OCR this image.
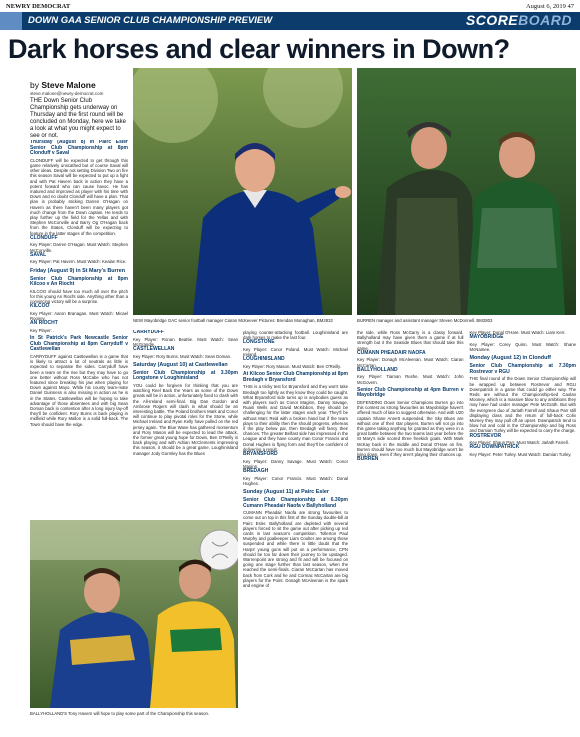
NEWRY DEMOCRAT	August 6, 2019 47
DOWN GAA SENIOR CLUB CHAMPIONSHIP PREVIEW	SCOREBOARD
Dark horses and clear winners in Down?
by Steve Malone
steve.malone@newry-democrat.com
THE Down Senior Club Championship gets underway on Thursday and the first round will be concluded on Monday, here we take a look at what you might expect to see or not.
Thursday (August 8) in Pairc Esler Senior Club Championship at 8pm Clonduff v Saval

CLONDUFF will be expected to get through this game relatively unscathed but of course Saval will other ideas. Despite not setting Division Two on fire this season Saval will be expected to put up a fight and with Pat Havern back in action they have a potent forward who can cause havoc. He has matured and improved as player with his time with Down and no doubt Clonduff will have a plan. That plan is probably sticking Darren O'Hagan on Havern as there haven't been many players got much change from the Down captain. He tends to play further up the field for the Yellas and with Stephen McConville and Barry Og O'Hagan back from the States, Clonduff will be expecting to feature in the latter stages of the competition.

CLONDUFF
Key Player: Darren O'Hagan. Must Watch: Stephen McConville.
SAVAL
Key Player: Pat Havern. Must Watch: Kealan Rice.
Friday (August 9) in St Mary's Burren
Senior Club Championship at 8pm Kilcoo v An Riocht

KILCOO should have too much all over the pitch for this young An Riocht side. Anything other than a convincing victory will be a surprise.

KILCOO
Key Player: Aaron Branagan. Must Watch: Micael Rooney.
AN RIOCHT
Key Player: .
In St Patrick's Park Newcastle Senior Club Championship at 8pm Carryduff v Castlewellan

CARRYDUFF against Castlewellan is a game that is likely to attract a lot of neutrals as little is expected to separate the sides. Carryduff have been a team on the rise but they may have to go one better without Ross McCabe who has not featured since breaking his jaw when playing for Down against Mayo. While his county team-mate Daniel Guinness is also missing in action as he is in the States. Castlewellan will be hoping to take advantage of those absentees and with big Sean Doman back in contention after a long injury lay-off they'll be confident. Rory Burns is back playing in midfield while Rory Mallon is a solid full-back. The Town should have the edge.

NEW Mayobridge GAC senior football manager Ciaran McKeever Pictures: Brendan Monaghan, BM2832	BURREN manager and assistant manager Steven McDonnell. BM2803
CARRYDUFF
Key Player: Ronan Beattie. Must Watch: Sean McGrandle.
CASTLEWELLAN
Key Player: Rory Burns. Must Watch: Sean Doman.
Saturday (August 10) at Castlewellan
Senior Club Championship at 3.30pm Longstone v Loughinisland

YOU could be forgiven for thinking that you are watching Reel Back the Years as some of the Down greats will be in action, unfortunately fixed to clash with the All-Ireland semi-final. Big Dan Gordon and Ambrose Rogers will clash in what should be an interesting battle. The Poland brothers Mark and Conor will continue to play pivotal roles for the Stone, while Michael Ireland and Ryan Kelly have pulled on the red jersey again. The Blue Wave has gathered momentum and Rory Mason will be expected to lead the attack, the former great young hope for Down, Ben O'Reilly is back playing and with Adrian McClements impressing this season, it should be a great game. Loughinisland manager Jody Gormley has the Blues

playing counter-attacking football. Loughinisland are dark horses to make the last four.

LONGSTONE
Key Player: Conor Poland. Must Watch: Michael Ireland.
LOUGHINISLAND
Key Player: Rory Mason. Must Watch: Ben O'Reilly.
At Kilcoo Senior Club Championship at 8pm Bredagh v Bryansford

THIS is a tricky test for Bryansford and they won't take Bredagh too lightly as they know they could be caught. What Bryansford side turns up is anybodies guess as with players such as Conor Maginn, Danny Savage, Ruairi Wells and David McKibbon, they should be challenging for the latter stages each year. They'll be without Marc Reid with a broken hand but if the team plays to their ability then the should progress, whereas if the play below par, then Bredagh will fancy their chances. The greater Belfast side has impressed in the League and they have county man Conor Francis and Donal Hughes is flying form and they'll be confident of delivering a result.

BRYANSFORD
Key Player: Danny Savage. Must Watch: Conor Maginn.
BREDAGH
Key Player: Conor Francis. Must Watch: Donal Hughes.
Sunday (August 11) at Pairc Esler
Senior Club Championship at 6.30pm Cumann Pheadair Naofa v Ballyholland

CUMANN Pheadair Naofa are strong favourites to come out on top in this first of the Sunday double-bill at Pairc Esler. Ballyholland are depleted with several players forced to sit the game out after picking up red cards in last season's competition. Tollerton Paul Murphy and goalkeeper Liam Coulter are among those suspended and while there is little doubt that the Harps' young guns will put on a performance, CPN should be too far down their journey to be upstaged. Warrenpoint are strong and fit and will be focused on going one stage further than last season, when the reached the semi-finals. Ciaran McCartan has moved back from Cork and he and Cormac McCartan are big players for the Point. Donagh McAleenan is the spark and engine of

the side, while Ross McGarry is a classy forward. Ballyholland may have given them a game if at full strength but it the Seaside Blues that should take this game.

CUMANN PHEADAIR NAOFA
Key Player: Donagh McAleenan. Must Watch: Ciaran McCartan.
BALLYHOLLAND
Key Player: Tiarnan Rushe. Must Watch: John McGovern.
Senior Club Championship at 4pm Burren v Mayobridge

DEFENDING Down Senior Champions Burren go into this contest as strong favourites as Mayobridge haven't offered much of late to suggest otherwise. And with U20 captain Shane Annett suspended, the Sky Blues are without one of their star players. Burren will not go into this game taking anything for granted as they were in a great battle between the two teams last year before the St Mary's side scored three freekick goals. With Mark McKay back in the middle and Donal O'Hare on fire, Burren should have too much but Mayobridge won't be lying down, even if they aren't playing their chances up.

BURREN
Key Player: Donal O'Hare. Must Watch: Liam Kerr.
MAYOBRIDGE
Key Player: Corey Quinn. Must Watch: Shane McNamee.
Monday (August 12) in Clonduff
Senior Club Championship at 7.30pm Rostrevor v RGU

THE final round of the Down Senior Championship will be wrapped up between Rostrevor and RGU Downpatrick in a game that could go either way. The Reds are without the Championship-tied Caolan Mooney, which is a massive blow to any ambitions they may have had under manager Pete McGrath. But with the evergreen duo of Jarlath Farrell and Shaun Parr still displaying class and the return of full-back Colin Murney they may pull off an upset. Downpatrick tend to blow hot and cold in the Championship and big Ross and Damian Turley will be expected to carry the charge.

ROSTREVOR
Key Player: Shaun Parr. Must Watch: Jarlath Farrell.
RGU DOWNPATRICK
Key Player: Peter Turley. Must Watch: Damian Turley.
BALLYHOLLAND'S Tony Havern will hope to play some part of the Championship this season.
